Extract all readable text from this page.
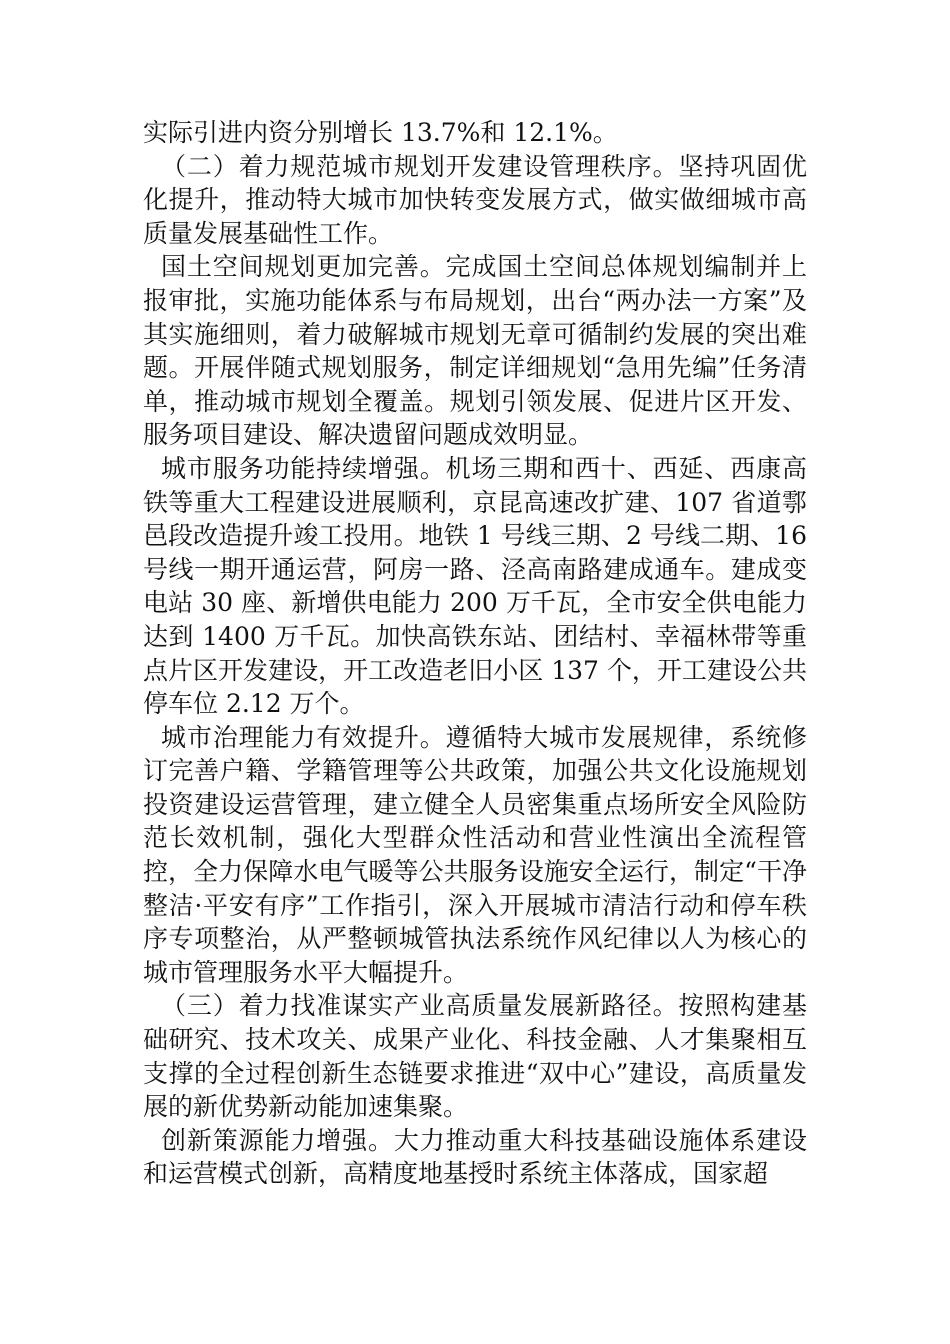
实际引进内资分别增长 13.7%和 12.1%。

（二）着力规范城市规划开发建设管理秩序。坚持巩固优化提升，推动特大城市加快转变发展方式，做实做细城市高质量发展基础性工作。

国土空间规划更加完善。完成国土空间总体规划编制并上报审批，实施功能体系与布局规划，出台“两办法一方案”及其实施细则，着力破解城市规划无章可循制约发展的突出难题。开展伴随式规划服务，制定详细规划“急用先编”任务清单，推动城市规划全覆盖。规划引领发展、促进片区开发、服务项目建设、解决遗留问题成效明显。

城市服务功能持续增强。机场三期和西十、西延、西康高铁等重大工程建设进展顺利，京昆高速改扩建、107 省道鄠邑段改造提升竣工投用。地铁 1 号线三期、2 号线二期、16 号线一期开通运营，阿房一路、泾高南路建成通车。建成变电站 30 座、新增供电能力 200 万千瓦，全市安全供电能力达到 1400 万千瓦。加快高铁东站、团结村、幸福林带等重点片区开发建设，开工改造老旧小区 137 个，开工建设公共停车位 2.12 万个。

城市治理能力有效提升。遵循特大城市发展规律，系统修订完善户籍、学籍管理等公共政策，加强公共文化设施规划投资建设运营管理，建立健全人员密集重点场所安全风险防范长效机制，强化大型群众性活动和营业性演出全流程管控，全力保障水电气暖等公共服务设施安全运行，制定“干净整洁·平安有序”工作指引，深入开展城市清洁行动和停车秩序专项整治，从严整顿城管执法系统作风纪律以人为核心的城市管理服务水平大幅提升。

（三）着力找准谋实产业高质量发展新路径。按照构建基础研究、技术攻关、成果产业化、科技金融、人才集聚相互支撑的全过程创新生态链要求推进“双中心”建设，高质量发展的新优势新动能加速集聚。

创新策源能力增强。大力推动重大科技基础设施体系建设和运营模式创新，高精度地基授时系统主体落成，国家超
